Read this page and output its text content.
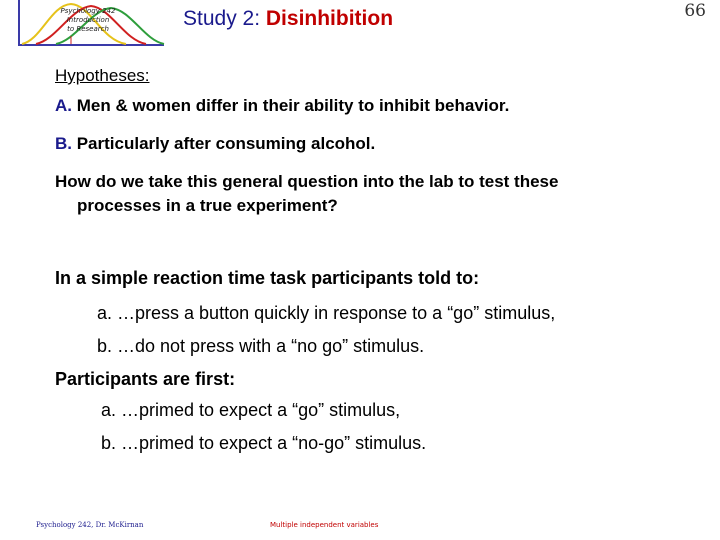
Psychology 242
Introduction
to Research	Study 2: Disinhibition	66
Hypotheses:
A. Men & women differ in their ability to inhibit behavior.
B. Particularly after consuming alcohol.
How do we take this general question into the lab to test these
processes in a true experiment?
In a simple reaction time task participants told to:
a. …press a button quickly in response to a “go” stimulus,
b. …do not press with a “no go” stimulus.
Participants are first:
a. …primed to expect a “go” stimulus,
b. …primed to expect a “no-go” stimulus.
Psychology 242, Dr. McKirnan	Multiple independent variables
